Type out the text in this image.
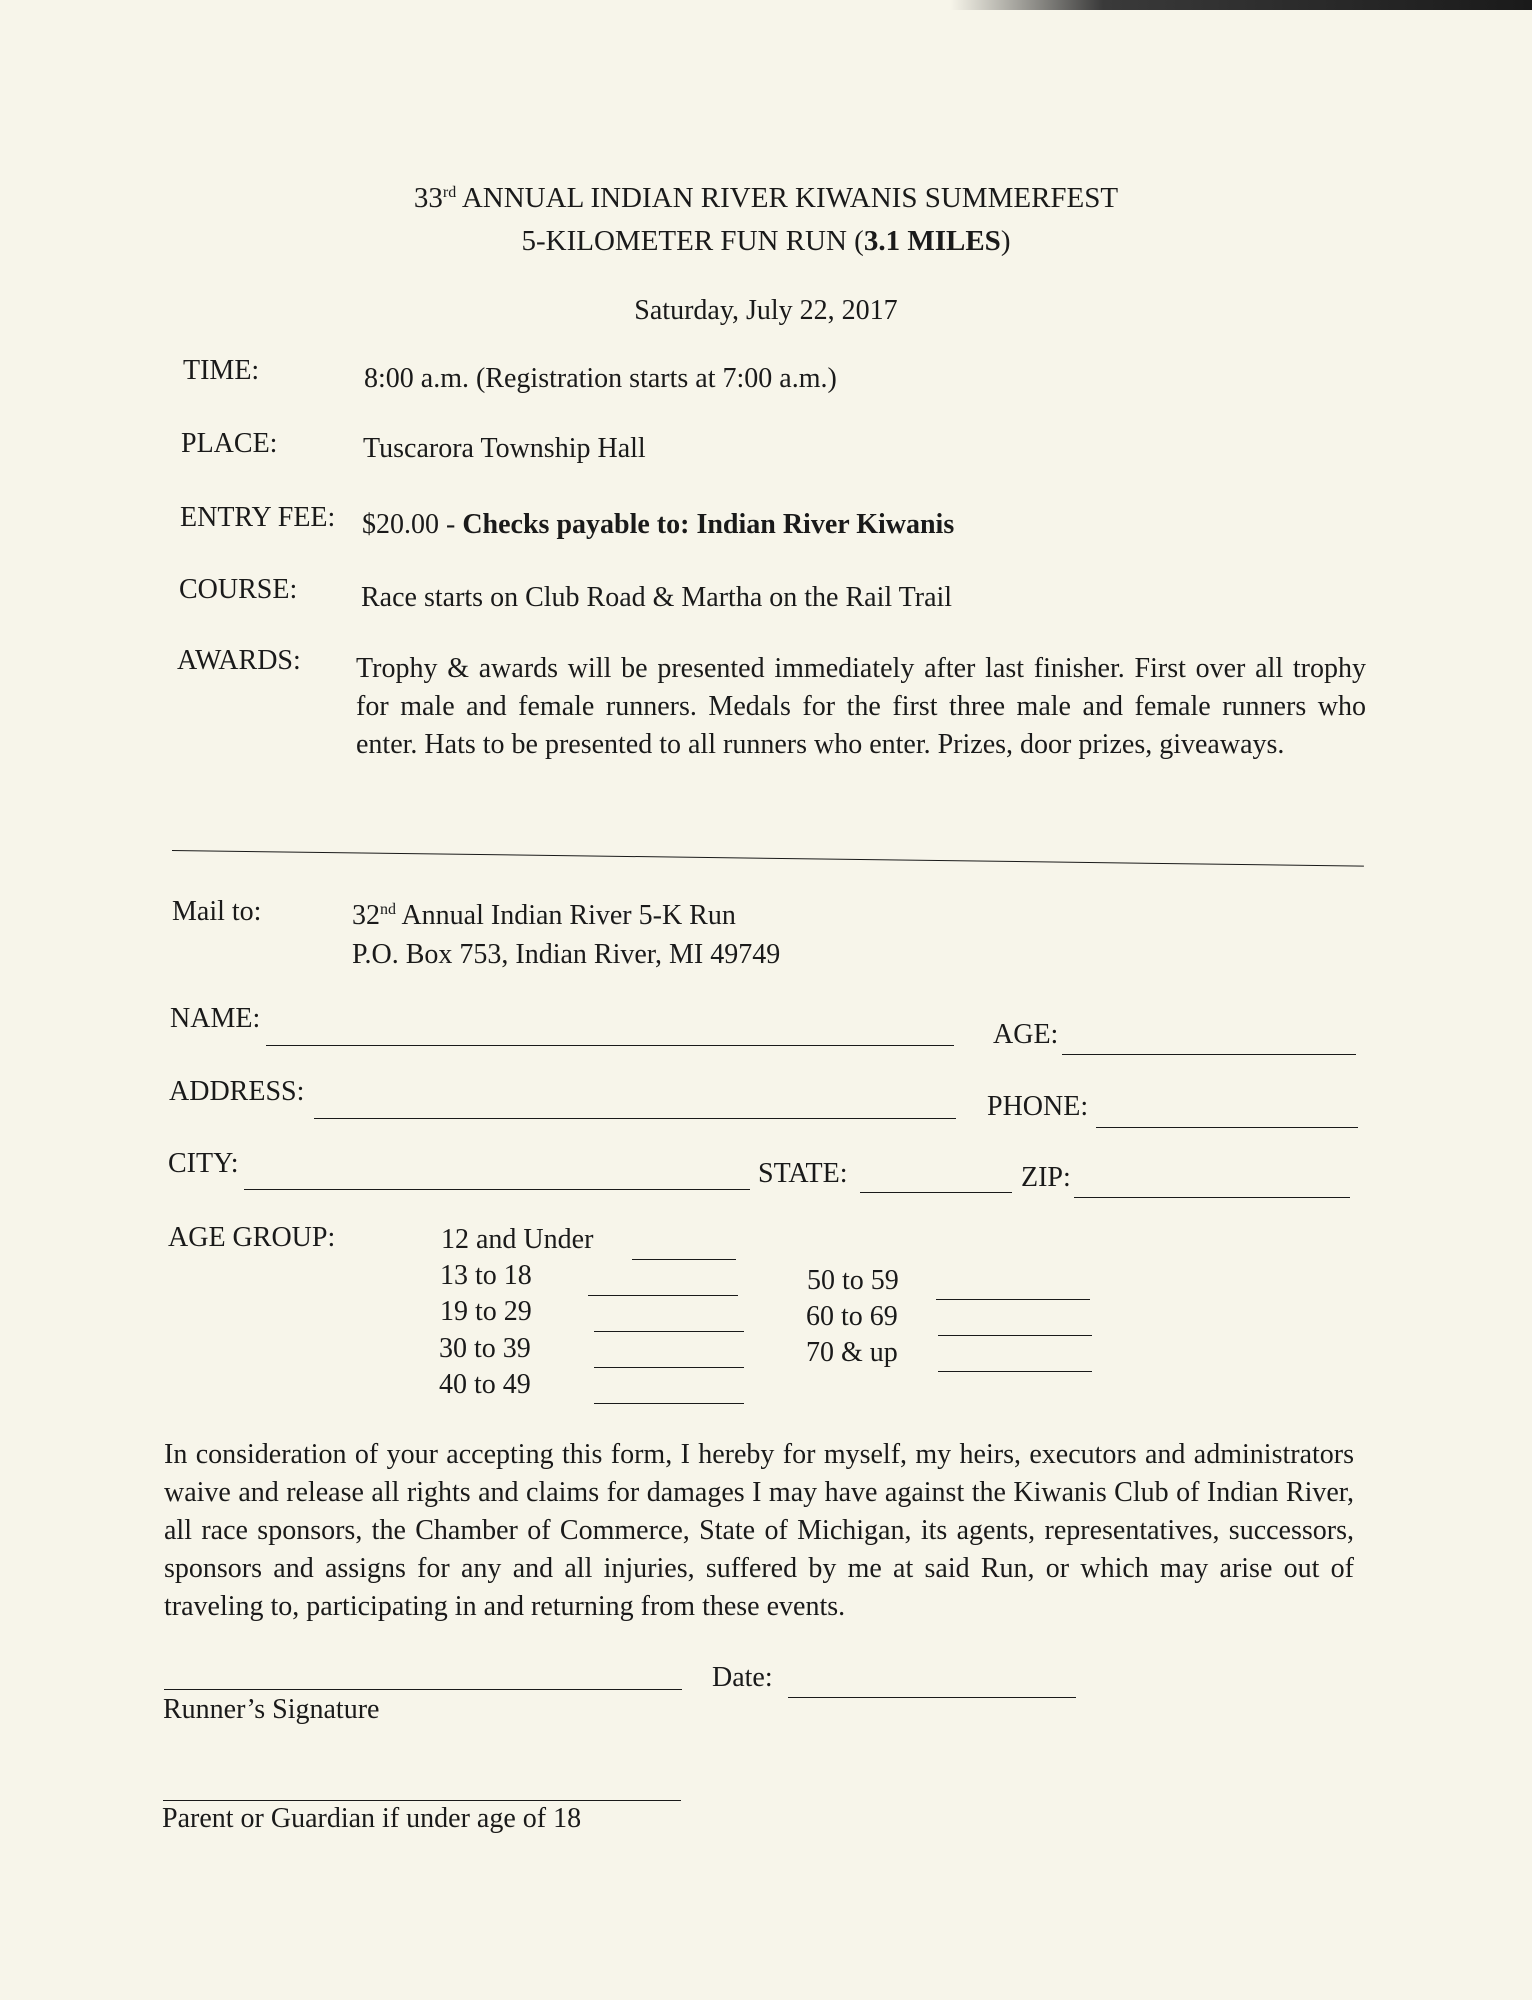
33rd ANNUAL INDIAN RIVER KIWANIS SUMMERFEST
5-KILOMETER FUN RUN (3.1 MILES)
Saturday, July 22, 2017
TIME:	8:00 a.m. (Registration starts at 7:00 a.m.)
PLACE:	Tuscarora Township Hall
ENTRY FEE: $20.00 - Checks payable to: Indian River Kiwanis
COURSE: Race starts on Club Road & Martha on the Rail Trail
AWARDS: Trophy & awards will be presented immediately after last finisher. First over all trophy for male and female runners. Medals for the first three male and female runners who enter. Hats to be presented to all runners who enter. Prizes, door prizes, giveaways.
Mail to:	32nd Annual Indian River 5-K Run
P.O. Box 753, Indian River, MI 49749
NAME:
AGE:
ADDRESS:	PHONE:
CITY:	STATE:	ZIP:
AGE GROUP:	12 and Under
13 to 18
19 to 29
30 to 39
40 to 49
50 to 59
60 to 69
70 & up
In consideration of your accepting this form, I hereby for myself, my heirs, executors and administrators waive and release all rights and claims for damages I may have against the Kiwanis Club of Indian River, all race sponsors, the Chamber of Commerce, State of Michigan, its agents, representatives, successors, sponsors and assigns for any and all injuries, suffered by me at said Run, or which may arise out of traveling to, participating in and returning from these events.
Date:
Runner’s Signature
Parent or Guardian if under age of 18
